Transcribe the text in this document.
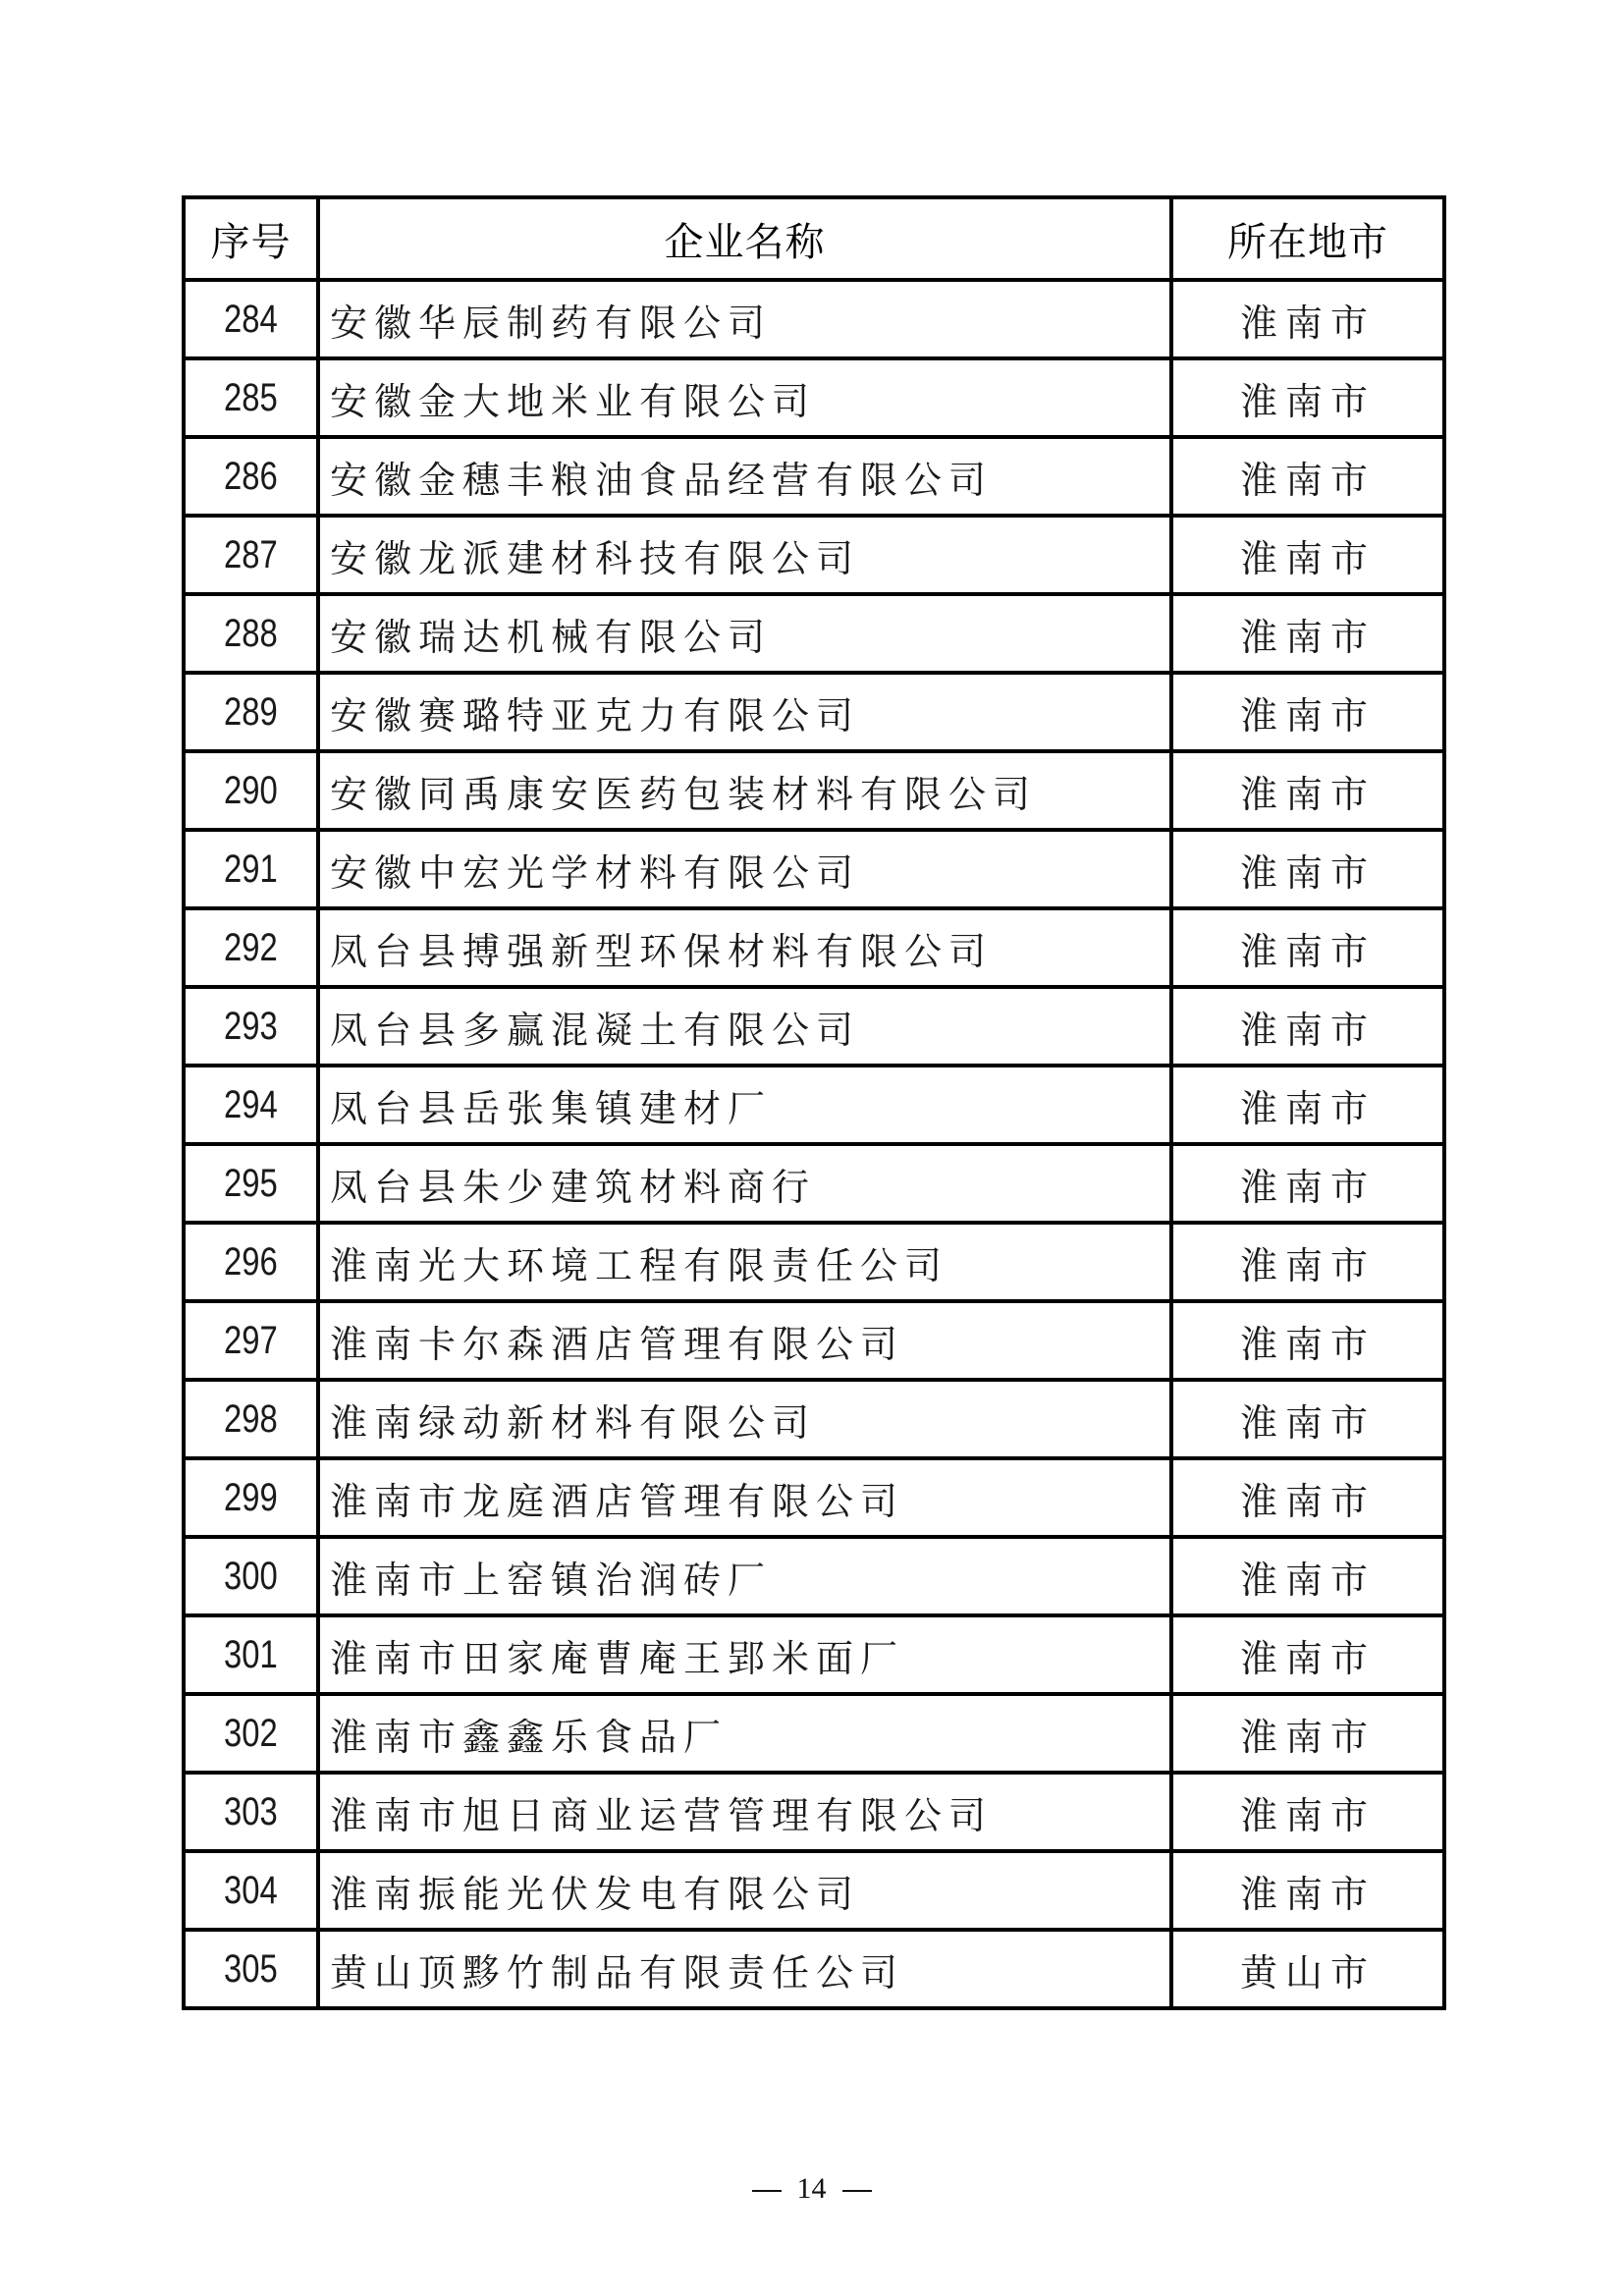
序号	企业名称	所在地市
284	安徽华辰制药有限公司	淮南市
285	安徽金大地米业有限公司	淮南市
286	安徽金穗丰粮油食品经营有限公司	淮南市
287	安徽龙派建材科技有限公司	淮南市
288	安徽瑞达机械有限公司	淮南市
289	安徽赛璐特亚克力有限公司	淮南市
290	安徽同禹康安医药包装材料有限公司	淮南市
291	安徽中宏光学材料有限公司	淮南市
292	凤台县搏强新型环保材料有限公司	淮南市
293	凤台县多赢混凝土有限公司	淮南市
294	凤台县岳张集镇建材厂	淮南市
295	凤台县朱少建筑材料商行	淮南市
296	淮南光大环境工程有限责任公司	淮南市
297	淮南卡尔森酒店管理有限公司	淮南市
298	淮南绿动新材料有限公司	淮南市
299	淮南市龙庭酒店管理有限公司	淮南市
300	淮南市上窑镇治润砖厂	淮南市
301	淮南市田家庵曹庵王郢米面厂	淮南市
302	淮南市鑫鑫乐食品厂	淮南市
303	淮南市旭日商业运营管理有限公司	淮南市
304	淮南振能光伏发电有限公司	淮南市
305	黄山顶黟竹制品有限责任公司	黄山市
14
